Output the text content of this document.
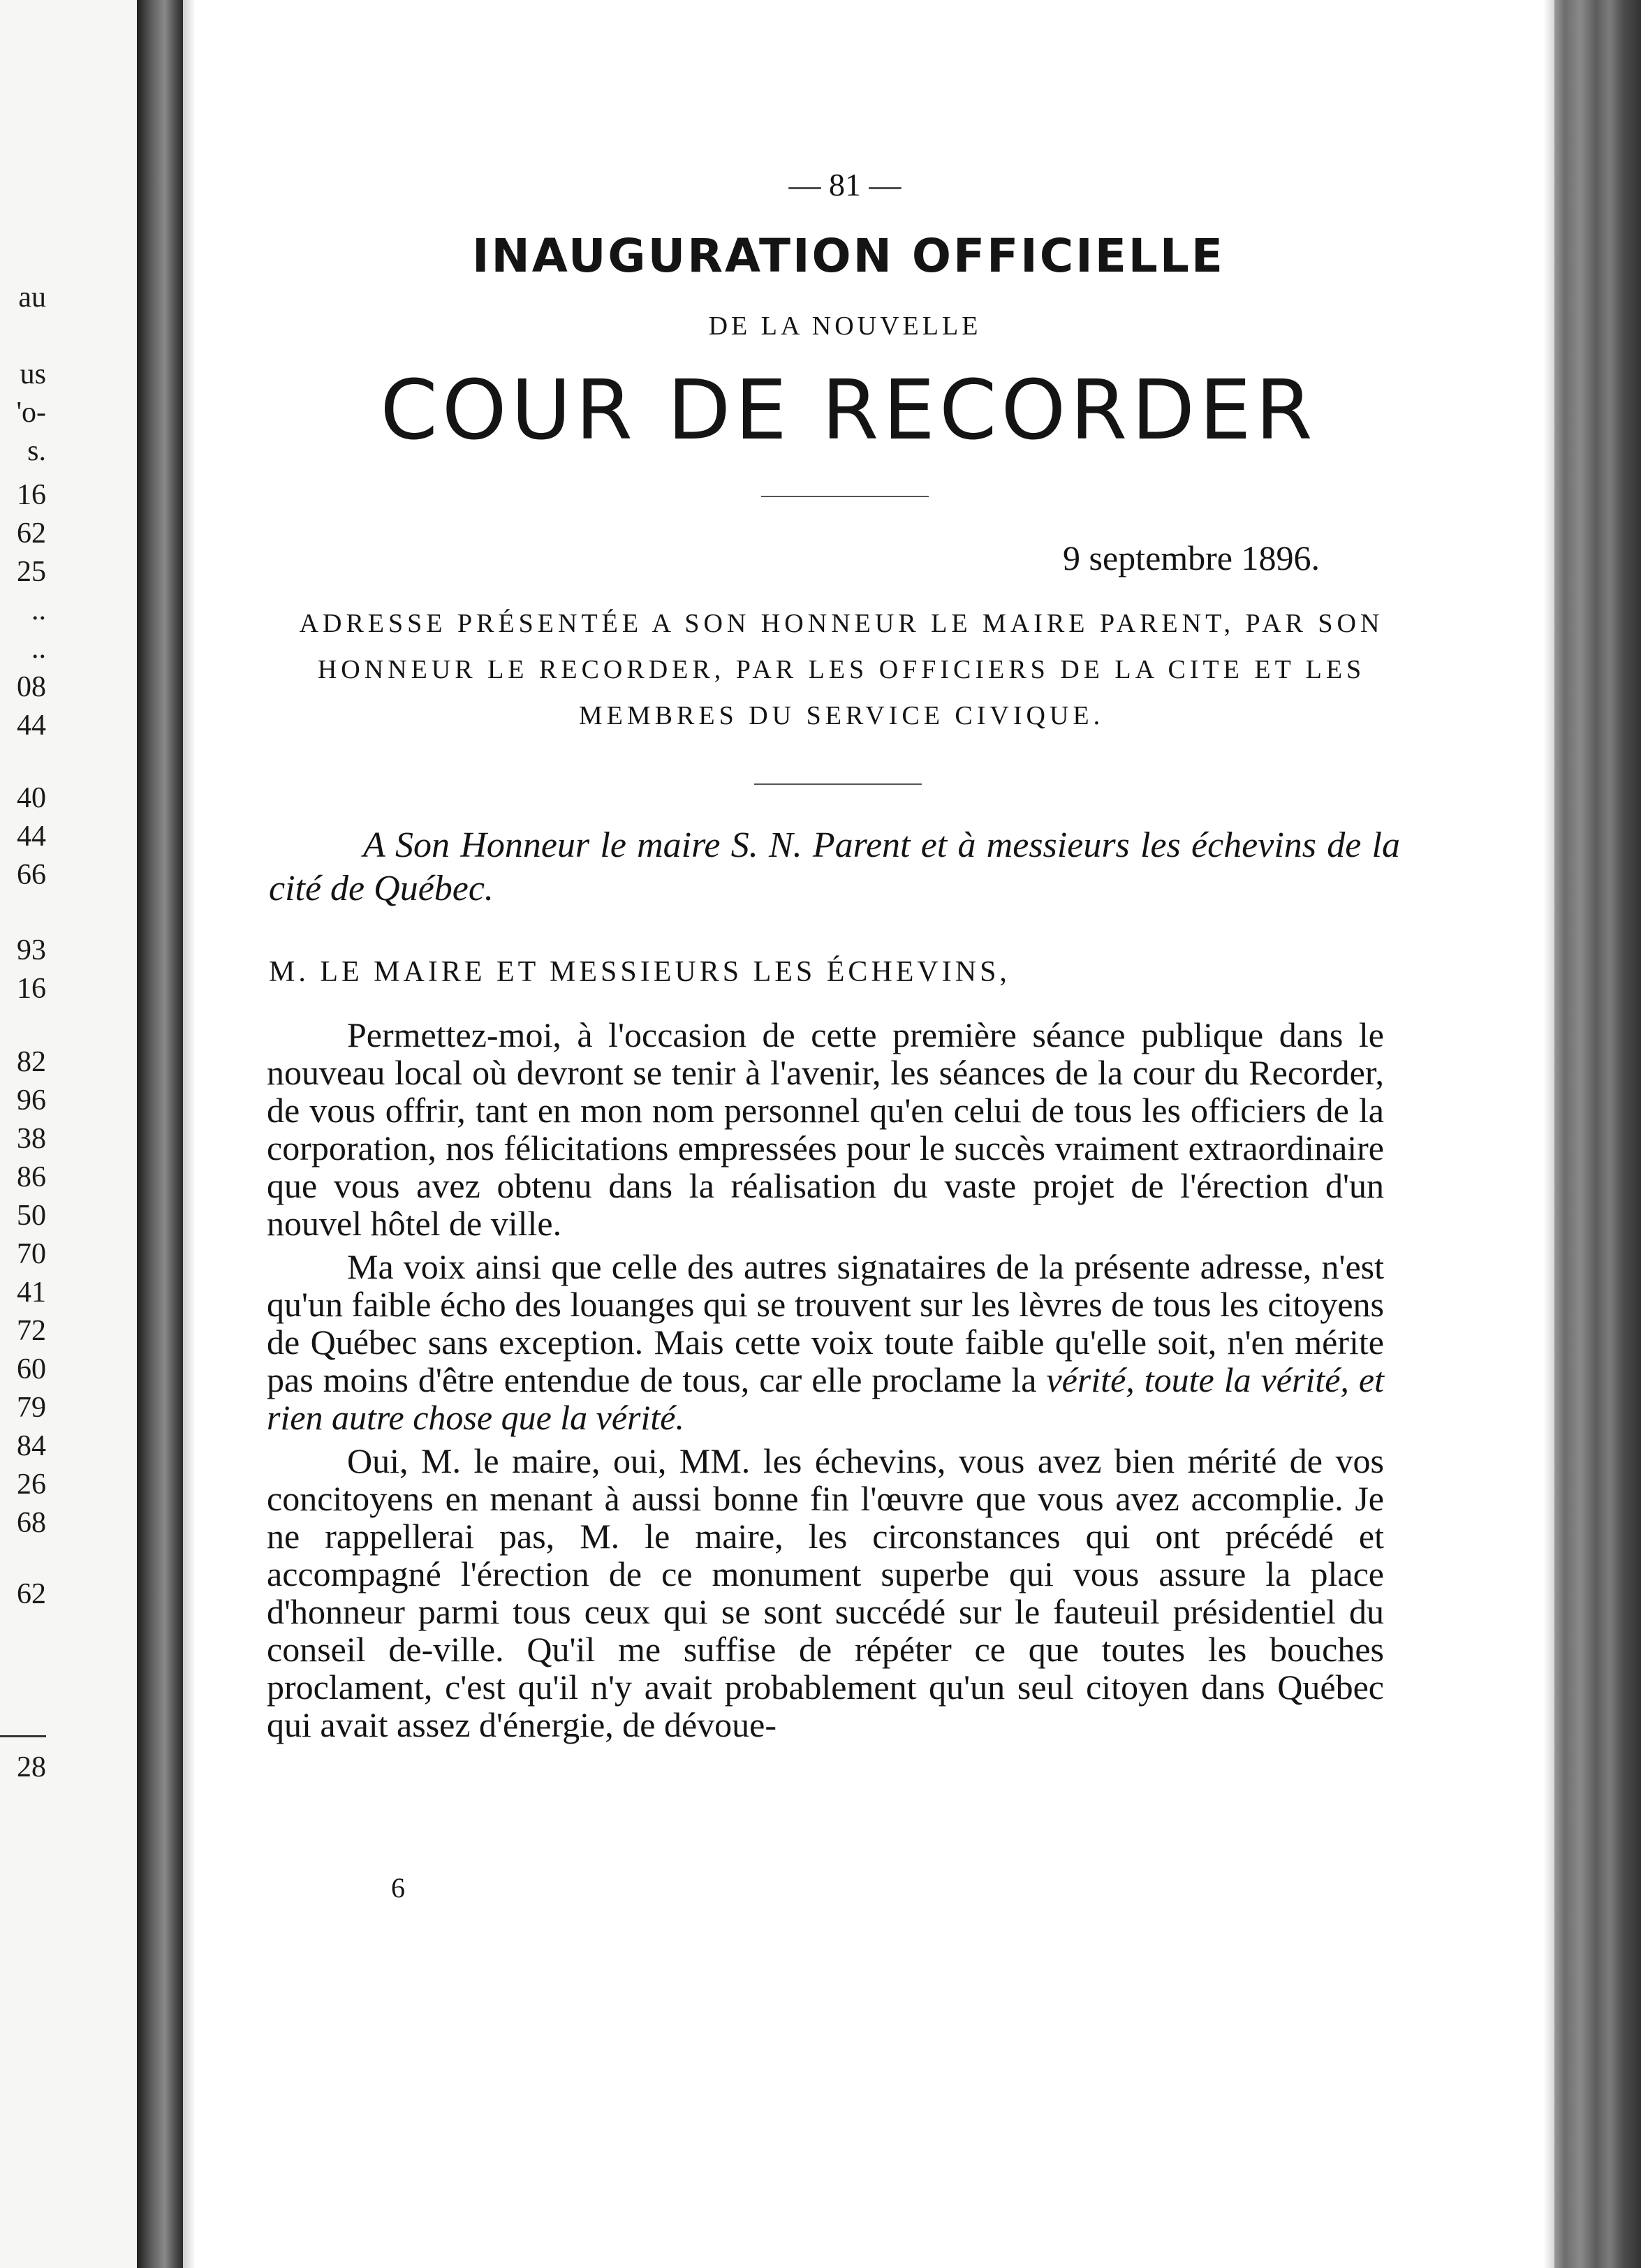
au
us
'o-
s.
16
62
25
..
..
08
44
40
44
66
93
16
82
96
38
86
50
70
41
72
60
79
84
26
68
62
28
— 81 —
INAUGURATION OFFICIELLE
DE LA NOUVELLE
COUR DE RECORDER
9 septembre 1896.
ADRESSE PRÉSENTÉE A SON HONNEUR LE MAIRE PARENT, PAR SON HONNEUR LE RECORDER, PAR LES OFFICIERS DE LA CITE ET LES MEMBRES DU SERVICE CIVIQUE.
A Son Honneur le maire S. N. Parent et à messieurs les échevins de la cité de Québec.
M. LE MAIRE ET MESSIEURS LES ÉCHEVINS,

Permettez-moi, à l'occasion de cette première séance publique dans le nouveau local où devront se tenir à l'avenir, les séances de la cour du Recorder, de vous offrir, tant en mon nom personnel qu'en celui de tous les officiers de la corporation, nos félicitations empressées pour le succès vraiment extraordinaire que vous avez obtenu dans la réalisation du vaste projet de l'érection d'un nouvel hôtel de ville.

Ma voix ainsi que celle des autres signataires de la présente adresse, n'est qu'un faible écho des louanges qui se trouvent sur les lèvres de tous les citoyens de Québec sans exception. Mais cette voix toute faible qu'elle soit, n'en mérite pas moins d'être entendue de tous, car elle proclame la vérité, toute la vérité, et rien autre chose que la vérité.

Oui, M. le maire, oui, MM. les échevins, vous avez bien mérité de vos concitoyens en menant à aussi bonne fin l'œuvre que vous avez accomplie. Je ne rappellerai pas, M. le maire, les circonstances qui ont précédé et accompagné l'érection de ce monument superbe qui vous assure la place d'honneur parmi tous ceux qui se sont succédé sur le fauteuil présidentiel du conseil de-ville. Qu'il me suffise de répéter ce que toutes les bouches proclament, c'est qu'il n'y avait probablement qu'un seul citoyen dans Québec qui avait assez d'énergie, de dévoue-

6
